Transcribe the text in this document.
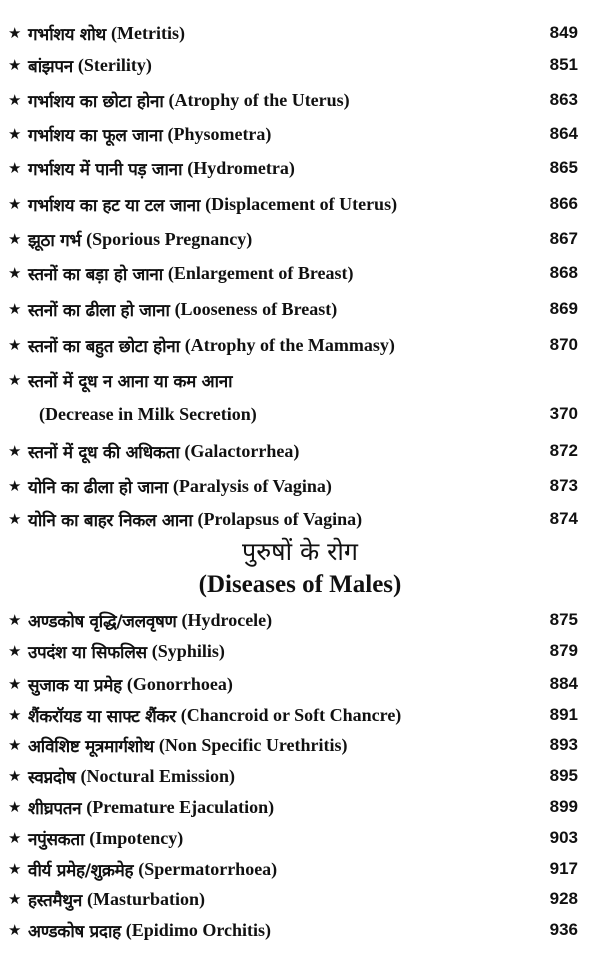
★ गर्भाशय शोथ (Metritis)	849
★ बांझपन (Sterility)	851
★ गर्भाशय का छोटा होना (Atrophy of the Uterus)	863
★ गर्भाशय का फूल जाना (Physometra)	864
★ गर्भाशय में पानी पड़ जाना (Hydrometra)	865
★ गर्भाशय का हट या टल जाना (Displacement of Uterus)	866
★ झूठा गर्भ (Sporious Pregnancy)	867
★ स्तनों का बड़ा हो जाना (Enlargement of Breast)	868
★ स्तनों का ढीला हो जाना (Looseness of Breast)	869
★ स्तनों का बहुत छोटा होना (Atrophy of the Mammasy)	870
★ स्तनों में दूध न आना या कम आना
(Decrease in Milk Secretion)	370
★ स्तनों में दूध की अधिकता (Galactorrhea)	872
★ योनि का ढीला हो जाना (Paralysis of Vagina)	873
★ योनि का बाहर निकल आना (Prolapsus of Vagina)	874
पुरुषों के रोग
(Diseases of Males)
★ अण्डकोष वृद्धि/जलवृषण (Hydrocele)	875
★ उपदंश या सिफलिस (Syphilis)	879
★ सुजाक या प्रमेह (Gonorrhoea)	884
★ शैंकरॉयड या साफ्ट शैंकर (Chancroid or Soft Chancre)	891
★ अविशिष्ट मूत्रमार्गशोथ (Non Specific Urethritis)	893
★ स्वप्नदोष (Noctural Emission)	895
★ शीघ्रपतन (Premature Ejaculation)	899
★ नपुंसकता (Impotency)	903
★ वीर्य प्रमेह/शुक्रमेह (Spermatorrhoea)	917
★ हस्तमैथुन (Masturbation)	928
★ अण्डकोष प्रदाह (Epidimo Orchitis)	936
